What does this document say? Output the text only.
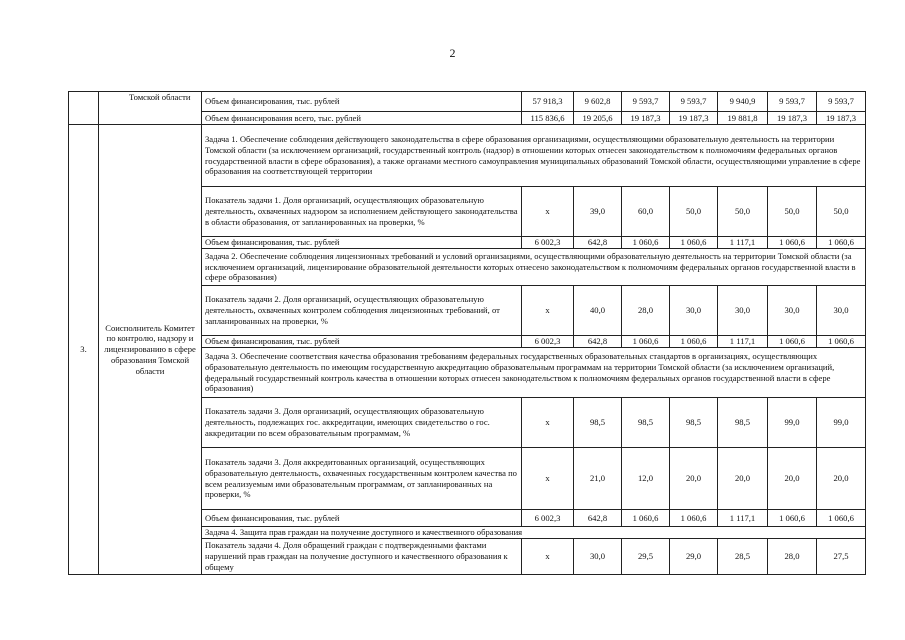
2
	Томской области	Объем финансирования, тыс. рублей	57 918,3	9 602,8	9 593,7	9 593,7	9 940,9	9 593,7	9 593,7
		Объем финансирования всего, тыс. рублей	115 836,6	19 205,6	19 187,3	19 187,3	19 881,8	19 187,3	19 187,3
3.	Соисполнитель Комитет по контролю, надзору и лицензированию в сфере образования Томской области	Задача 1. Обеспечение соблюдения действующего законодательства в сфере образования организациями, осуществляющими образовательную деятельность на территории Томской области (за исключением организаций, государственный контроль (надзор) в отношении которых отнесен законодательством к полномочиям федеральных органов государственной власти в сфере образования), а также органами местного самоуправления муниципальных образований Томской области, осуществляющими управление в сфере образования на соответствующей территории							
		Показатель задачи 1. Доля организаций, осуществляющих образовательную деятельность, охваченных надзором за исполнением действующего законодательства в области образования, от запланированных на проверки, %	х	39,0	60,0	50,0	50,0	50,0	50,0
		Объем финансирования, тыс. рублей	6 002,3	642,8	1 060,6	1 060,6	1 117,1	1 060,6	1 060,6
		Задача 2. Обеспечение соблюдения лицензионных требований и условий организациями, осуществляющими образовательную деятельность на территории Томской области (за исключением организаций, лицензирование образовательной деятельности которых отнесено законодательством к полномочиям федеральных органов государственной власти в сфере образования)							
		Показатель задачи 2. Доля организаций, осуществляющих образовательную деятельность, охваченных контролем соблюдения лицензионных требований, от запланированных на проверки, %	х	40,0	28,0	30,0	30,0	30,0	30,0
		Объем финансирования, тыс. рублей	6 002,3	642,8	1 060,6	1 060,6	1 117,1	1 060,6	1 060,6
		Задача 3. Обеспечение соответствия качества образования требованиям федеральных государственных образовательных стандартов в организациях, осуществляющих образовательную деятельность по имеющим государственную аккредитацию образовательным программам на территории Томской области (за исключением организаций, федеральный государственный контроль качества в отношении которых отнесен законодательством к полномочиям федеральных органов государственной власти в сфере образования)							
		Показатель задачи 3. Доля организаций, осуществляющих образовательную деятельность, подлежащих гос. аккредитации, имеющих свидетельство о гос. аккредитации по всем образовательным программам, %	х	98,5	98,5	98,5	98,5	99,0	99,0
		Показатель задачи 3. Доля аккредитованных организаций, осуществляющих образовательную деятельность, охваченных государственным контролем качества по всем реализуемым ими образовательным программам, от запланированных на проверки, %	х	21,0	12,0	20,0	20,0	20,0	20,0
		Объем финансирования, тыс. рублей	6 002,3	642,8	1 060,6	1 060,6	1 117,1	1 060,6	1 060,6
		Задача 4. Защита прав граждан на получение доступного и качественного образования							
		Показатель задачи 4. Доля обращений граждан с подтвержденными фактами нарушений прав граждан на получение доступного и качественного образования к общему	х	30,0	29,5	29,0	28,5	28,0	27,5
